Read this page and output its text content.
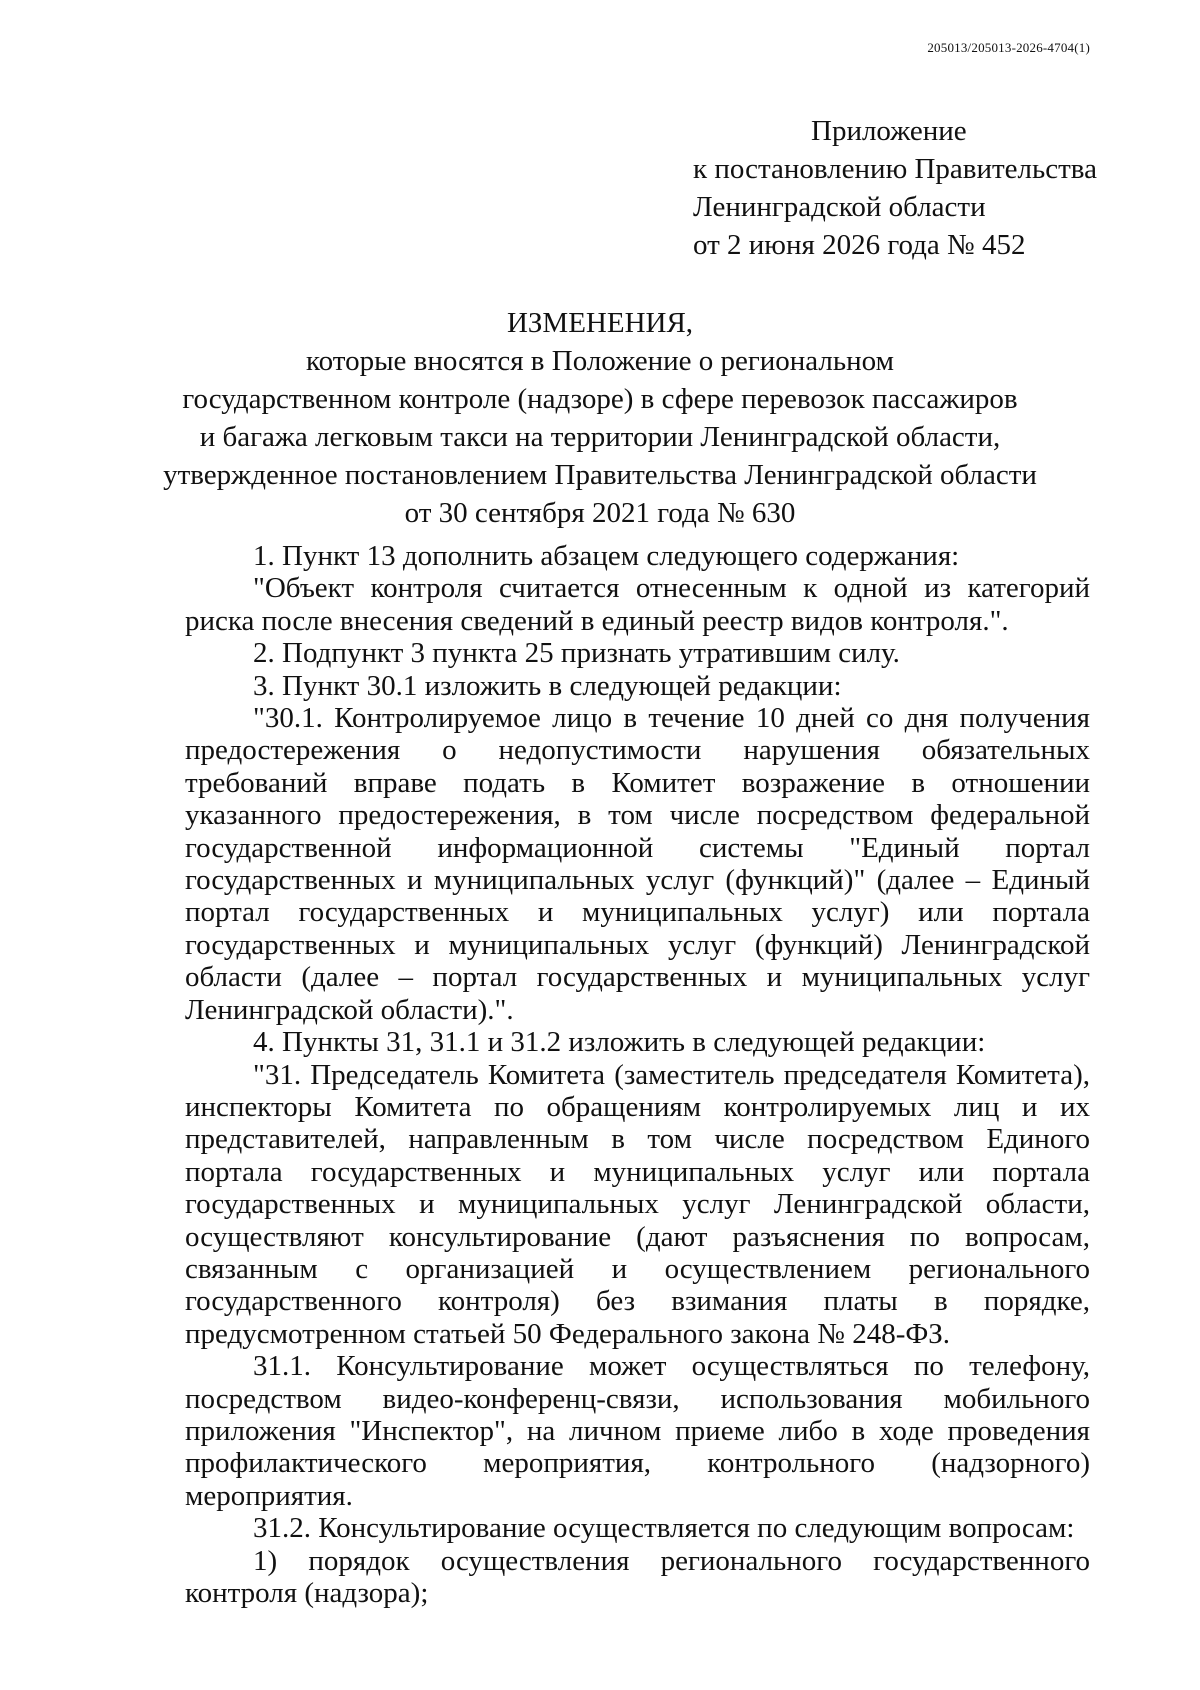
205013/205013-2026-4704(1)
Приложение
к постановлению Правительства
Ленинградской области
от 2 июня 2026 года № 452
ИЗМЕНЕНИЯ,
которые вносятся в Положение о региональном
государственном контроле (надзоре) в сфере перевозок пассажиров
и багажа легковым такси на территории Ленинградской области,
утвержденное постановлением Правительства Ленинградской области
от 30 сентября 2021 года № 630

1. Пункт 13 дополнить абзацем следующего содержания:

"Объект контроля считается отнесенным к одной из категорий риска после внесения сведений в единый реестр видов контроля.".

2. Подпункт 3 пункта 25 признать утратившим силу.

3. Пункт 30.1 изложить в следующей редакции:

"30.1. Контролируемое лицо в течение 10 дней со дня получения предостережения о недопустимости нарушения обязательных требований вправе подать в Комитет возражение в отношении указанного предостережения, в том числе посредством федеральной государственной информационной системы "Единый портал государственных и муниципальных услуг (функций)" (далее – Единый портал государственных и муниципальных услуг) или портала государственных и муниципальных услуг (функций) Ленинградской области (далее – портал государственных и муниципальных услуг Ленинградской области).".

4. Пункты 31, 31.1 и 31.2 изложить в следующей редакции:

"31. Председатель Комитета (заместитель председателя Комитета), инспекторы Комитета по обращениям контролируемых лиц и их представителей, направленным в том числе посредством Единого портала государственных и муниципальных услуг или портала государственных и муниципальных услуг Ленинградской области, осуществляют консультирование (дают разъяснения по вопросам, связанным с организацией и осуществлением регионального государственного контроля) без взимания платы в порядке, предусмотренном статьей 50 Федерального закона № 248-ФЗ.

31.1. Консультирование может осуществляться по телефону, посредством видео-конференц-связи, использования мобильного приложения "Инспектор", на личном приеме либо в ходе проведения профилактического мероприятия, контрольного (надзорного) мероприятия.

31.2. Консультирование осуществляется по следующим вопросам:

1) порядок осуществления регионального государственного контроля (надзора);
